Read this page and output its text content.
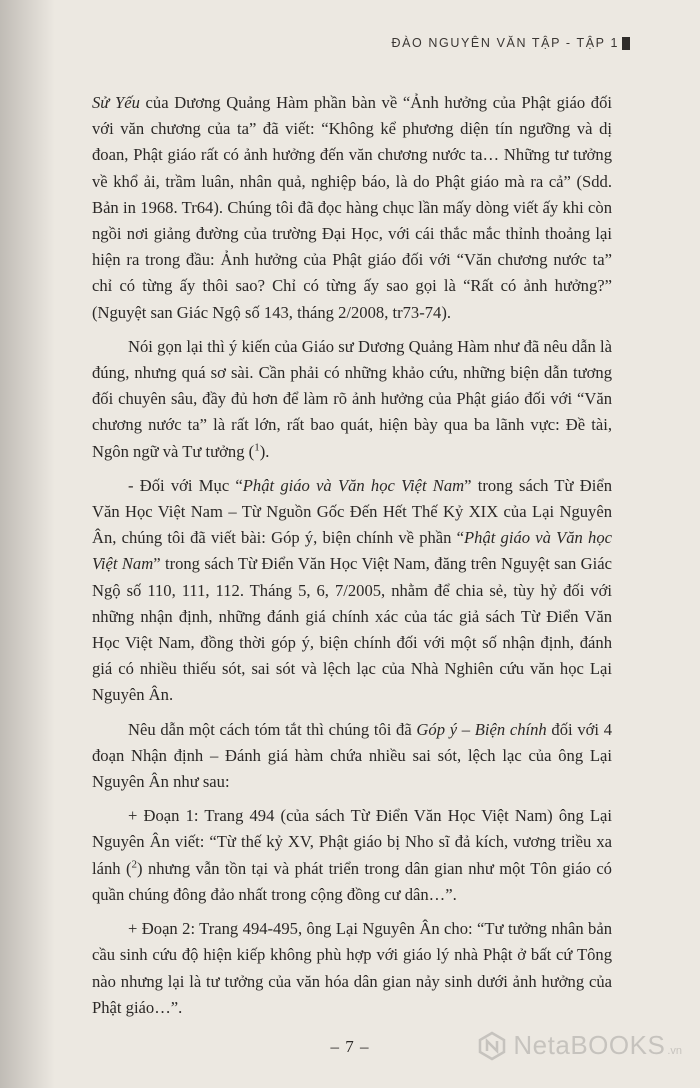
ĐÀO NGUYÊN VĂN TẬP - TẬP 1

Sử Yếu của Dương Quảng Hàm phần bàn về “Ảnh hưởng của Phật giáo đối với văn chương của ta” đã viết: “Không kể phương diện tín ngưỡng và dị đoan, Phật giáo rất có ảnh hưởng đến văn chương nước ta… Những tư tưởng về khổ ải, trầm luân, nhân quả, nghiệp báo, là do Phật giáo mà ra cả” (Sdd. Bản in 1968. Tr64). Chúng tôi đã đọc hàng chục lần mấy dòng viết ấy khi còn ngồi nơi giảng đường của trường Đại Học, với cái thắc mắc thỉnh thoảng lại hiện ra trong đầu: Ảnh hưởng của Phật giáo đối với “Văn chương nước ta” chỉ có từng ấy thôi sao? Chỉ có từng ấy sao gọi là “Rất có ảnh hưởng?” (Nguyệt san Giác Ngộ số 143, tháng 2/2008, tr73-74).

Nói gọn lại thì ý kiến của Giáo sư Dương Quảng Hàm như đã nêu dẫn là đúng, nhưng quá sơ sài. Cần phải có những khảo cứu, những biện dẫn tương đối chuyên sâu, đầy đủ hơn để làm rõ ảnh hưởng của Phật giáo đối với “Văn chương nước ta” là rất lớn, rất bao quát, hiện bày qua ba lãnh vực: Đề tài, Ngôn ngữ và Tư tưởng ($^1$).

- Đối với Mục “Phật giáo và Văn học Việt Nam” trong sách Từ Điển Văn Học Việt Nam – Từ Nguồn Gốc Đến Hết Thế Kỷ XIX của Lại Nguyên Ân, chúng tôi đã viết bài: Góp ý, biện chính về phần “Phật giáo và Văn học Việt Nam” trong sách Từ Điển Văn Học Việt Nam, đăng trên Nguyệt san Giác Ngộ số 110, 111, 112. Tháng 5, 6, 7/2005, nhằm để chia sẻ, tùy hỷ đối với những nhận định, những đánh giá chính xác của tác giả sách Từ Điển Văn Học Việt Nam, đồng thời góp ý, biện chính đối với một số nhận định, đánh giá có nhiều thiếu sót, sai sót và lệch lạc của Nhà Nghiên cứu văn học Lại Nguyên Ân.

Nêu dẫn một cách tóm tắt thì chúng tôi đã Góp ý – Biện chính đối với 4 đoạn Nhận định – Đánh giá hàm chứa nhiều sai sót, lệch lạc của ông Lại Nguyên Ân như sau:

+ Đoạn 1: Trang 494 (của sách Từ Điển Văn Học Việt Nam) ông Lại Nguyên Ân viết: “Từ thế kỷ XV, Phật giáo bị Nho sĩ đả kích, vương triều xa lánh ($^2$) nhưng vẫn tồn tại và phát triển trong dân gian như một Tôn giáo có quần chúng đông đảo nhất trong cộng đồng cư dân…”.

+ Đoạn 2: Trang 494-495, ông Lại Nguyên Ân cho: “Tư tưởng nhân bản cầu sinh cứu độ hiện kiếp không phù hợp với giáo lý nhà Phật ở bất cứ Tông nào nhưng lại là tư tưởng của văn hóa dân gian nảy sinh dưới ảnh hưởng của Phật giáo…”.

– 7 –	NetaBOOKS .vn
